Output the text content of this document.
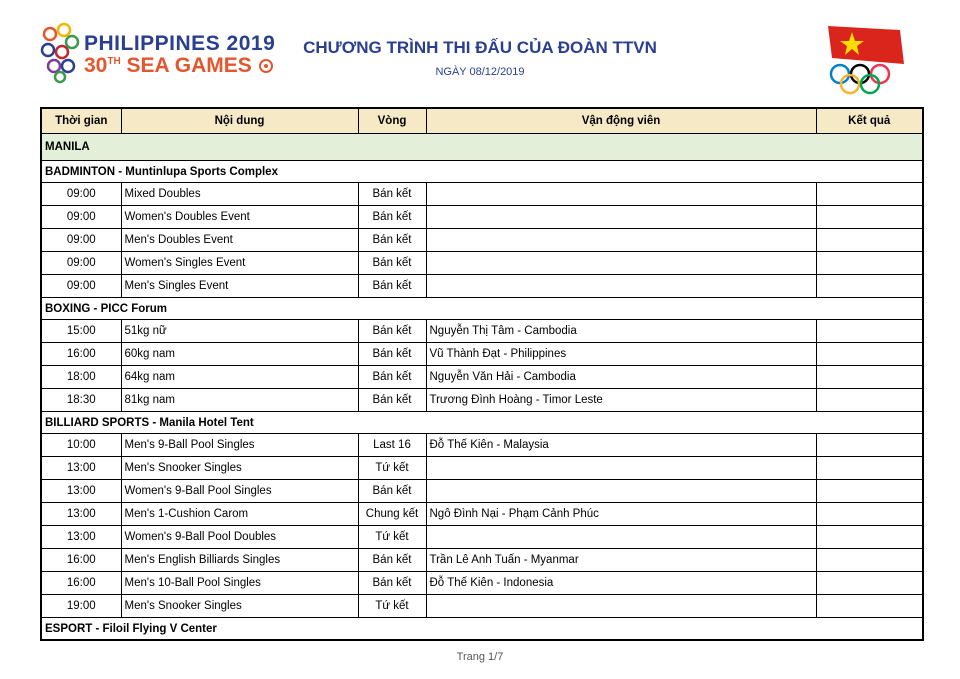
PHILIPPINES 2019
30TH SEA GAMES
CHƯƠNG TRÌNH THI ĐẤU CỦA ĐOÀN TTVN
NGÀY 08/12/2019
Thời gian	Nội dung	Vòng	Vận động viên	Kết quả
MANILA				
BADMINTON - Muntinlupa Sports Complex				
09:00	Mixed Doubles	Bán kết		
09:00	Women's Doubles Event	Bán kết		
09:00	Men's Doubles Event	Bán kết		
09:00	Women's Singles Event	Bán kết		
09:00	Men's Singles Event	Bán kết		
BOXING - PICC Forum				
15:00	51kg nữ	Bán kết	Nguyễn Thị Tâm - Cambodia	
16:00	60kg nam	Bán kết	Vũ Thành Đạt - Philippines	
18:00	64kg nam	Bán kết	Nguyễn Văn Hải - Cambodia	
18:30	81kg nam	Bán kết	Trương Đình Hoàng - Timor Leste	
BILLIARD SPORTS - Manila Hotel Tent				
10:00	Men's 9-Ball Pool Singles	Last 16	Đỗ Thế Kiên - Malaysia	
13:00	Men's Snooker Singles	Tứ kết		
13:00	Women's 9-Ball Pool Singles	Bán kết		
13:00	Men's 1-Cushion Carom	Chung kết	Ngô Đình Nại - Phạm Cảnh Phúc	
13:00	Women's 9-Ball Pool Doubles	Tứ kết		
16:00	Men's English Billiards Singles	Bán kết	Trần Lê Anh Tuấn - Myanmar	
16:00	Men's 10-Ball Pool Singles	Bán kết	Đỗ Thế Kiên - Indonesia	
19:00	Men's Snooker Singles	Tứ kết		
ESPORT - Filoil Flying V Center				
Trang 1/7
